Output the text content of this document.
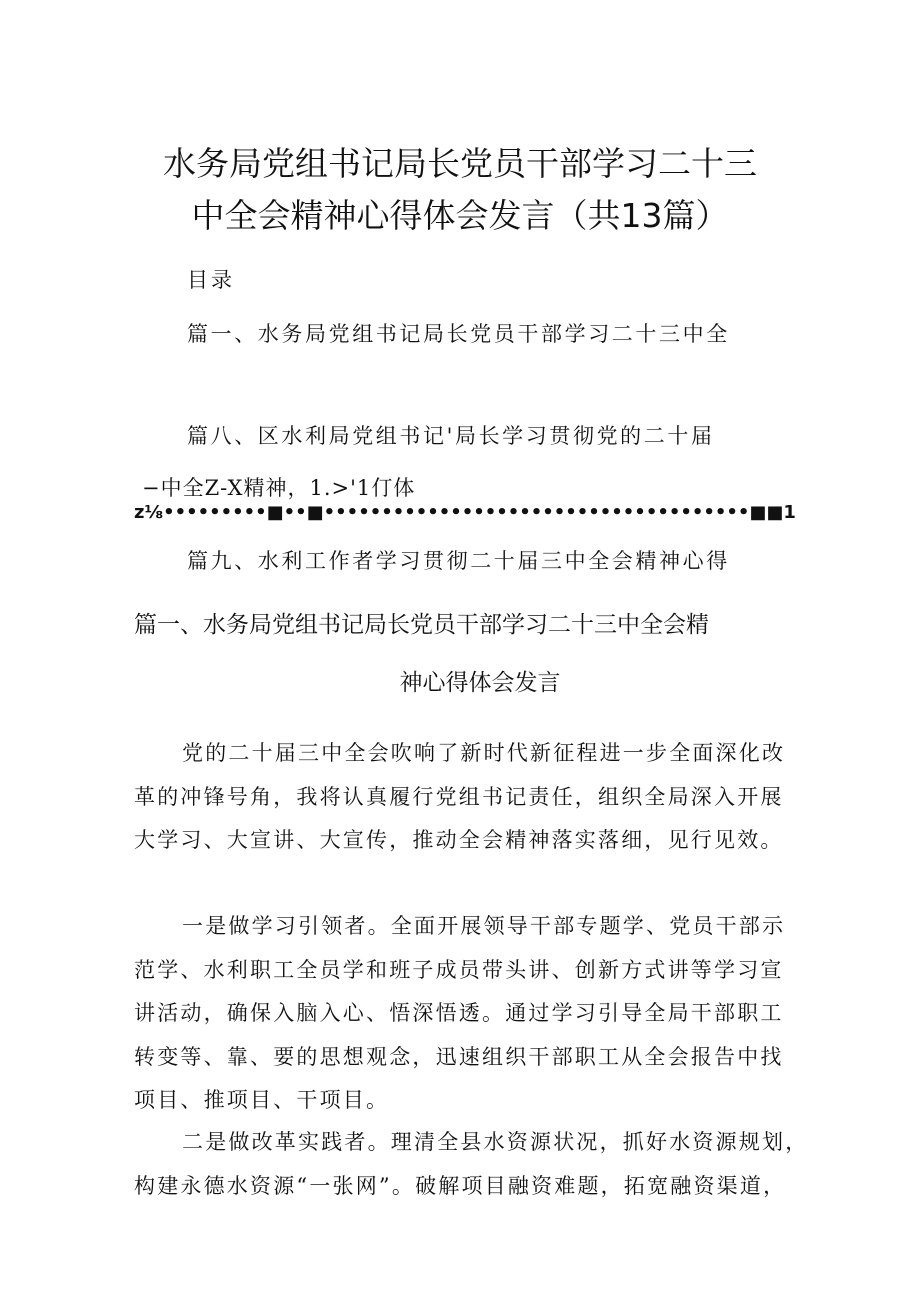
水务局党组书记局长党员干部学习二十三
中全会精神心得体会发言（共13篇）
目录
篇一、水务局党组书记局长党员干部学习二十三中全
篇八、区水利局党组书记'局长学习贯彻党的二十届
−中全Z-X精神，1.>'1仃体
z⅛•••••••••■••■•••••••••••••••••••••••••••••••••••••■■1
篇九、水利工作者学习贯彻二十届三中全会精神心得
篇一、水务局党组书记局长党员干部学习二十三中全会精
神心得体会发言
党的二十届三中全会吹响了新时代新征程进一步全面深化改
革的冲锋号角，我将认真履行党组书记责任，组织全局深入开展
大学习、大宣讲、大宣传，推动全会精神落实落细，见行见效。
一是做学习引领者。全面开展领导干部专题学、党员干部示
范学、水利职工全员学和班子成员带头讲、创新方式讲等学习宣
讲活动，确保入脑入心、悟深悟透。通过学习引导全局干部职工
转变等、靠、要的思想观念，迅速组织干部职工从全会报告中找
项目、推项目、干项目。
二是做改革实践者。理清全县水资源状况，抓好水资源规划，
构建永德水资源“一张网”。破解项目融资难题，拓宽融资渠道，
